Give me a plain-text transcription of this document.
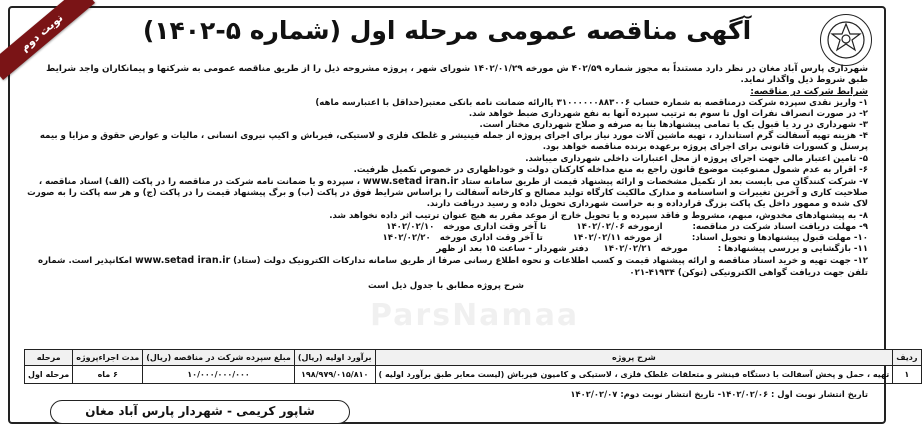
نوبت دوم	آگهی مناقصه عمومی مرحله اول (شماره ۵-۱۴۰۲)
ParsNamaa

شهرداری پارس آباد مغان در نظر دارد مستنداً به مجوز شماره ۴۰۲/۵۹ ش مورخه ۱۴۰۲/۰۱/۲۹ شورای شهر ، پروژه مشروحه ذیل را از طریق مناقصه عمومی به شرکتها و پیمانکاران واجد شرایط طبق شروط ذیل واگذار نماید.

شرایط شرکت در مناقصه:

۱- واریز نقدی سپرده شرکت درمناقصه به شماره حساب ۳۱۰۰۰۰۰۰۸۸۳۰۰۶ یاارائه ضمانت نامه بانکی معتبر(حداقل با اعتبارسه ماهه)

۲- در صورت انصراف نفرات اول تا سوم به ترتیب سپرده آنها به نفع شهرداری ضبط خواهد شد.

۳- شهرداری در رد یا قبول یک یا تمامی پیشنهادها بنا به صرفه و صلاح شهرداری مختار است.

۴- هزینه تهیه آسفالت گرم استاندارد ، تهیه ماشین آلات مورد نیاز برای اجرای پروژه از جمله فینیشر و غلطک فلزی و لاستیکی، فیرباش و اکیپ نیروی انسانی ، مالیات و عوارض حقوق و مزایا و بیمه پرسنل و کسورات قانونی برای اجرای پروژه برعهده برنده مناقصه خواهد بود.

۵- تامین اعتبار مالی جهت اجرای پروژه از محل اعتبارات داخلی شهرداری میباشد.

۶- اقرار به عدم شمول ممنوعیت موضوع قانون راجع به منع مداخله کارکنان دولت و خوداظهاری در خصوص تکمیل ظرفیت.

۷- شرکت کنندگان می بایست بعد از تکمیل مشخصات و ارائه پیشنهاد قیمت از طریق سامانه ستاد www.setad iran.ir ، سپرده و یا ضمانت نامه شرکت در مناقصه را در پاکت (الف) اسناد مناقصه ، صلاحیت کاری و آخرین تغییرات و اساسنامه و مدارک مالکیت کارگاه تولید مصالح و کارخانه آسفالت را براساس شرایط فوق در پاکت (ب) و برگ پیشنهاد قیمت را در پاکت (ج) و هر سه پاکت را به صورت لاک شده و ممهور داخل یک پاکت بزرگ قرارداده و به حراست شهرداری تحویل داده و رسید دریافت دارند.

۸- به پیشنهادهای مخدوش، مبهم، مشروط و فاقد سپرده و یا تحویل خارج از موعد مقرر به هیچ عنوان ترتیب اثر داده نخواهد شد.

۹- مهلت دریافت اسناد شرکت در مناقصه:          ازمورخه ۱۴۰۲/۰۲/۰۶          تا آخر وقت اداری مورخه   ۱۴۰۲/۰۲/۱۰

۱۰- مهلت قبول پیشنهادها و تحویل اسناد:          از مورخه ۱۴۰۲/۰۲/۱۱          تا آخر وقت اداری مورخه   ۱۴۰۲/۰۲/۲۰

۱۱- بازگشایی و بررسی پیشنهادها :          مورخه   ۱۴۰۲/۰۲/۲۱     دفتر شهردار - ساعت ۱۵ بعد از ظهر

۱۲- جهت تهیه و خرید اسناد مناقصه و ارائه پیشنهاد قیمت و کسب اطلاعات و نحوه اطلاع رسانی صرفا از طریق سامانه تدارکات الکترونیک دولت (ستاد) www.setad iran.ir امکانپذیر است. شماره تلفن جهت دریافت گواهی الکترونیکی (توکن) ۴۱۹۳۴-۰۲۱

شرح پروژه مطابق با جدول ذیل است

ردیف	شرح پروژه	برآورد اولیه (ریال)	مبلغ سپرده شرکت در مناقصه (ریال)	مدت اجراءپروژه	مرحله
۱	تهیه ، حمل و پخش آسفالت با دستگاه فینشر و متعلقات غلطک فلزی ، لاستیکی و کامیون فیرباش (لیست معابر طبق برآورد اولیه )	۱۹۸/۹۷۹/۰۱۵/۸۱۰	۱۰/۰۰۰/۰۰۰/۰۰۰	۶ ماه	مرحله اول
تاریخ انتشار نوبت اول : ۱۴۰۲/۰۲/۰۶- تاریخ انتشار نوبت دوم: ۱۴۰۲/۰۲/۰۷
شاپور کریمی - شهردار پارس آباد مغان
